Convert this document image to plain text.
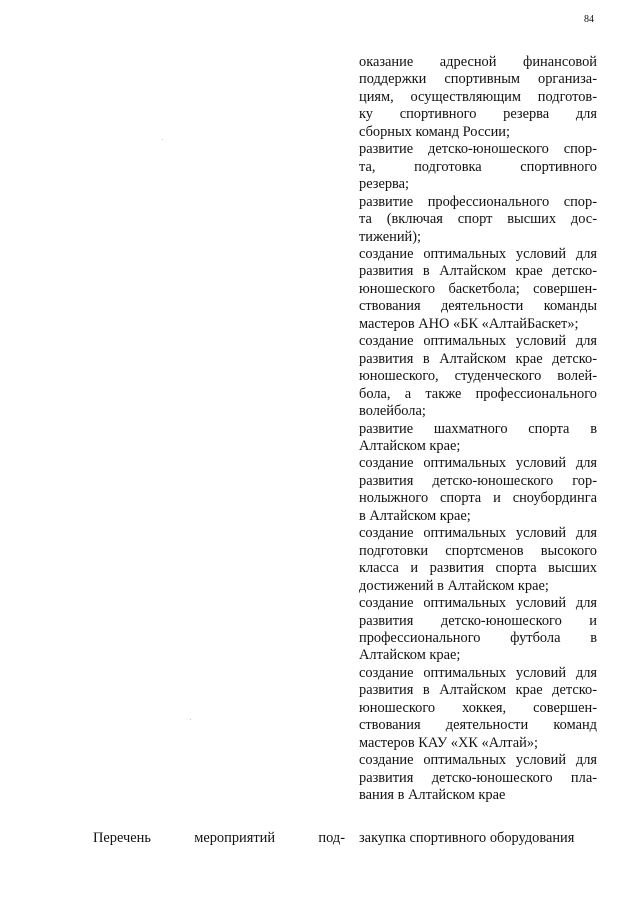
84
оказание адресной финансовой
поддержки спортивным организа-
циям, осуществляющим подготов-
ку спортивного резерва для
сборных команд России;
развитие детско-юношеского спор-
та, подготовка спортивного
резерва;
развитие профессионального спор-
та (включая спорт высших дос-
тижений);
создание оптимальных условий для
развития в Алтайском крае детско-
юношеского баскетбола; совершен-
ствования деятельности команды
мастеров АНО «БК «АлтайБаскет»;
создание оптимальных условий для
развития в Алтайском крае детско-
юношеского, студенческого волей-
бола, а также профессионального
волейбола;
развитие шахматного спорта в
Алтайском крае;
создание оптимальных условий для
развития детско-юношеского гор-
нолыжного спорта и сноубординга
в Алтайском крае;
создание оптимальных условий для
подготовки спортсменов высокого
класса и развития спорта высших
достижений в Алтайском крае;
создание оптимальных условий для
развития детско-юношеского и
профессионального футбола в
Алтайском крае;
создание оптимальных условий для
развития в Алтайском крае детско-
юношеского хоккея, совершен-
ствования деятельности команд
мастеров КАУ «ХК «Алтай»;
создание оптимальных условий для
развития детско-юношеского пла-
вания в Алтайском крае
Перечень мероприятий под- закупка спортивного оборудования
